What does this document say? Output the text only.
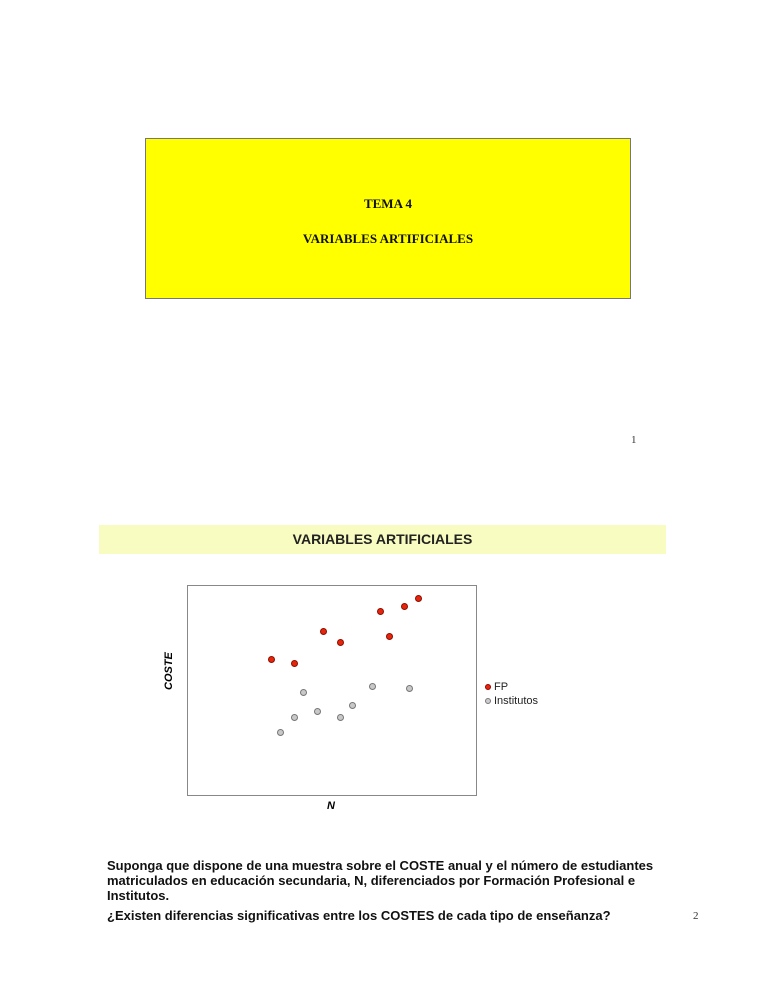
TEMA 4
VARIABLES ARTIFICIALES
1
VARIABLES ARTIFICIALES
COSTE
N
FP
Institutos
Suponga que dispone de una muestra sobre el COSTE anual y el número de estudiantes matriculados en educación secundaria, N, diferenciados por Formación Profesional e Institutos.
¿Existen diferencias significativas entre los COSTES de cada tipo de enseñanza?	2
